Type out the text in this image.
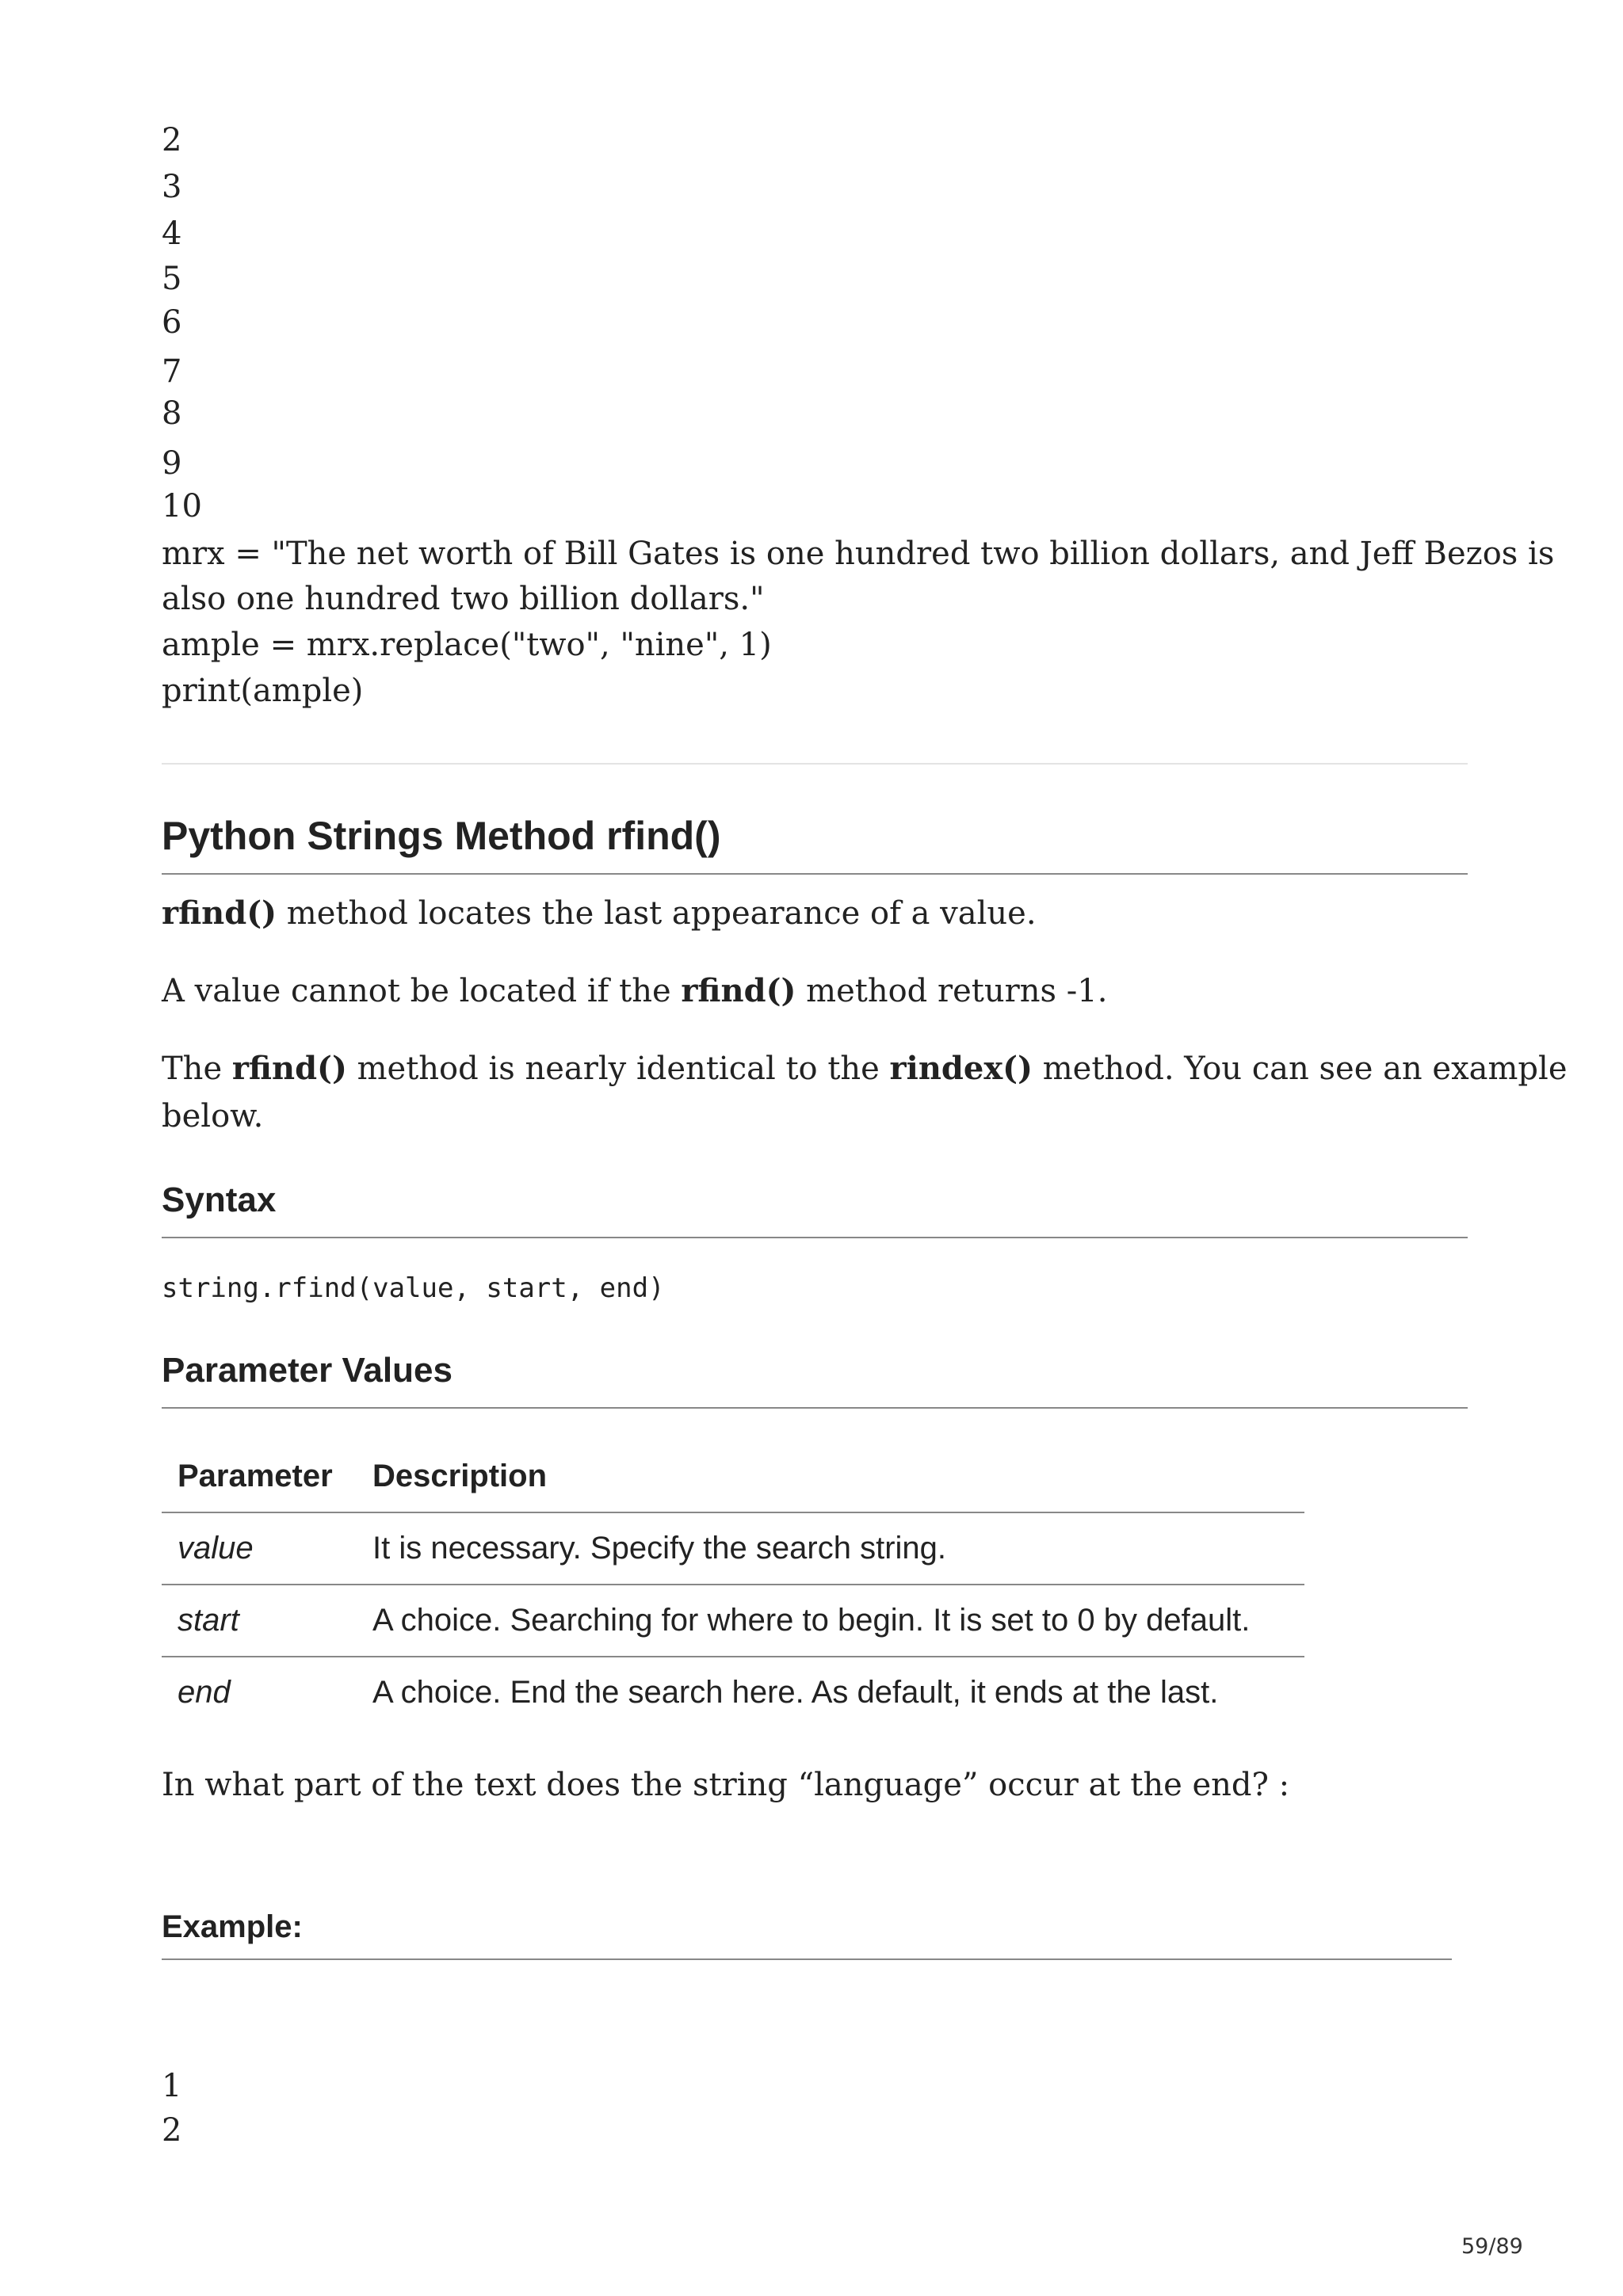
2
3
4
5
6
7
8
9
10
mrx = "The net worth of Bill Gates is one hundred two billion dollars, and Jeff Bezos is
also one hundred two billion dollars."
ample = mrx.replace("two", "nine", 1)
print(ample)
Python Strings Method rfind()
rfind() method locates the last appearance of a value.
A value cannot be located if the rfind() method returns -1.
The rfind() method is nearly identical to the rindex() method. You can see an example
below.
Syntax
string.rfind(value, start, end)
Parameter Values
Parameter	Description
value	It is necessary. Specify the search string.
start	A choice. Searching for where to begin. It is set to 0 by default.
end	A choice. End the search here. As default, it ends at the last.
In what part of the text does the string “language” occur at the end? :
Example:
1
2
59/89
